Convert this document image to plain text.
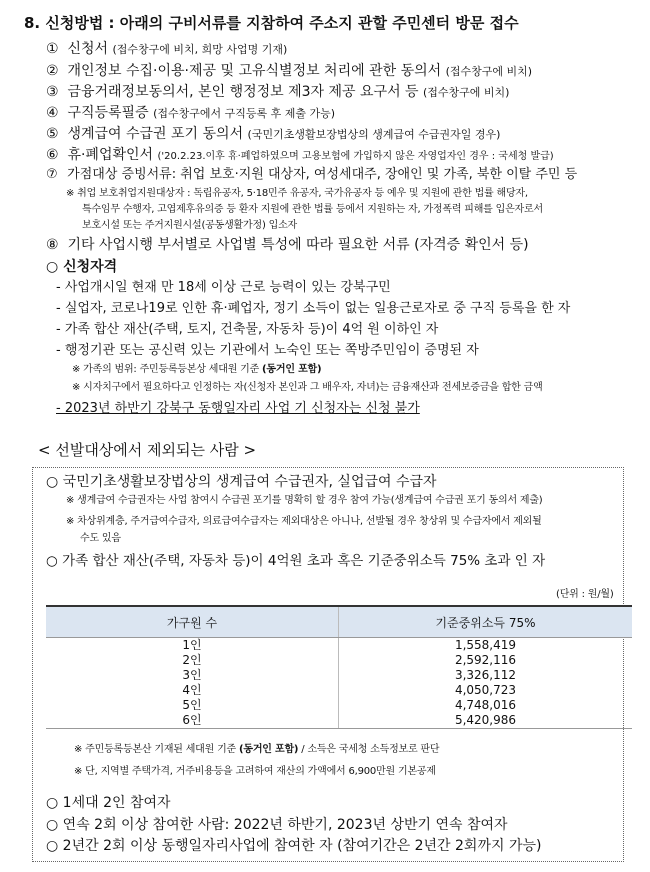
8. 신청방법 : 아래의 구비서류를 지참하여 주소지 관할 주민센터 방문 접수
① 신청서 (접수창구에 비치, 희망 사업명 기재)
② 개인정보 수집·이용·제공 및 고유식별정보 처리에 관한 동의서 (접수창구에 비치)
③ 금융거래정보동의서, 본인 행정정보 제3자 제공 요구서 등 (접수창구에 비치)
④ 구직등록필증 (접수창구에서 구직등록 후 제출 가능)
⑤ 생계급여 수급권 포기 동의서 (국민기초생활보장법상의 생계급여 수급권자일 경우)
⑥ 휴·폐업확인서 ('20.2.23.이후 휴·폐업하였으며 고용보험에 가입하지 않은 자영업자인 경우 : 국세청 발급)
⑦ 가점대상 증빙서류: 취업 보호·지원 대상자, 여성세대주, 장애인 및 가족, 북한 이탈 주민 등
※ 취업 보호취업지원대상자 : 독립유공자, 5·18민주 유공자, 국가유공자 등 예우 및 지원에 관한 법률 해당자,
특수임무 수행자, 고엽제후유의증 등 환자 지원에 관한 법률 등에서 지원하는 자, 가정폭력 피해를 입은자로서
보호시설 또는 주거지원시설(공동생활가정) 입소자
⑧ 기타 사업시행 부서별로 사업별 특성에 따라 필요한 서류 (자격증 확인서 등)
○ 신청자격
- 사업개시일 현재 만 18세 이상 근로 능력이 있는 강북구민
- 실업자, 코로나19로 인한 휴·폐업자, 정기 소득이 없는 일용근로자로 중 구직 등록을 한 자
- 가족 합산 재산(주택, 토지, 건축물, 자동차 등)이 4억 원 이하인 자
- 행정기관 또는 공신력 있는 기관에서 노숙인 또는 쪽방주민임이 증명된 자
※ 가족의 범위: 주민등록등본상 세대원 기준 (동거인 포함)
※ 시자치구에서 필요하다고 인정하는 자(신청자 본인과 그 배우자, 자녀)는 금융재산과 전세보증금을 합한 금액
- 2023년 하반기 강북구 동행일자리 사업 기 신청자는 신청 불가
< 선발대상에서 제외되는 사람 >
○ 국민기초생활보장법상의 생계급여 수급권자, 실업급여 수급자
※ 생계급여 수급권자는 사업 참여시 수급권 포기를 명확히 할 경우 참여 가능(생계급여 수급권 포기 동의서 제출)
※ 차상위계층, 주거급여수급자, 의료급여수급자는 제외대상은 아니나, 선발될 경우 창상위 및 수급자에서 제외될
수도 있음
○ 가족 합산 재산(주택, 자동차 등)이 4억원 초과 혹은 기준중위소득 75% 초과 인 자
(단위 : 원/월)
가구원 수	기준중위소득 75%
1인	1,558,419
2인	2,592,116
3인	3,326,112
4인	4,050,723
5인	4,748,016
6인	5,420,986
※ 주민등록등본산 기재된 세대원 기준 (동거인 포함) / 소득은 국세청 소득정보로 판단
※ 단, 지역별 주택가격, 거주비용등을 고려하여 재산의 가액에서 6,900만원 기본공제
○ 1세대 2인 참여자
○ 연속 2회 이상 참여한 사람: 2022년 하반기, 2023년 상반기 연속 참여자
○ 2년간 2회 이상 동행일자리사업에 참여한 자 (참여기간은 2년간 2회까지 가능)
